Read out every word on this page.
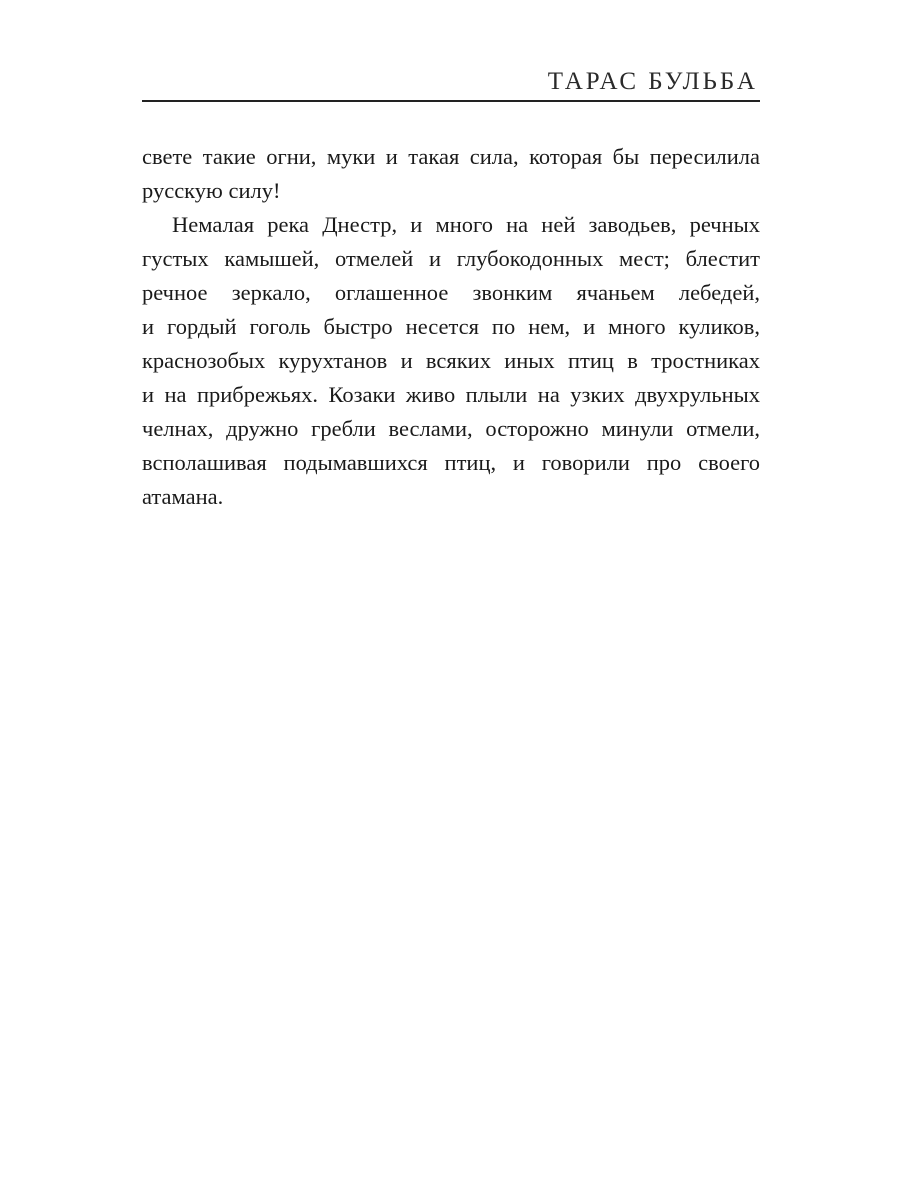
ТАРАС БУЛЬБА
свете такие огни, муки и такая сила, которая бы пересилила
русскую силу!
Немалая река Днестр, и много на ней заводьев, речных
густых камышей, отмелей и глубокодонных мест; блестит
речное зеркало, оглашенное звонким ячаньем лебедей,
и гордый гоголь быстро несется по нем, и много куликов,
краснозобых курухтанов и всяких иных птиц в тростниках
и на прибрежьях. Козаки живо плыли на узких двухрульных
челнах, дружно гребли веслами, осторожно минули отмели,
всполашивая подымавшихся птиц, и говорили про своего
атамана.
